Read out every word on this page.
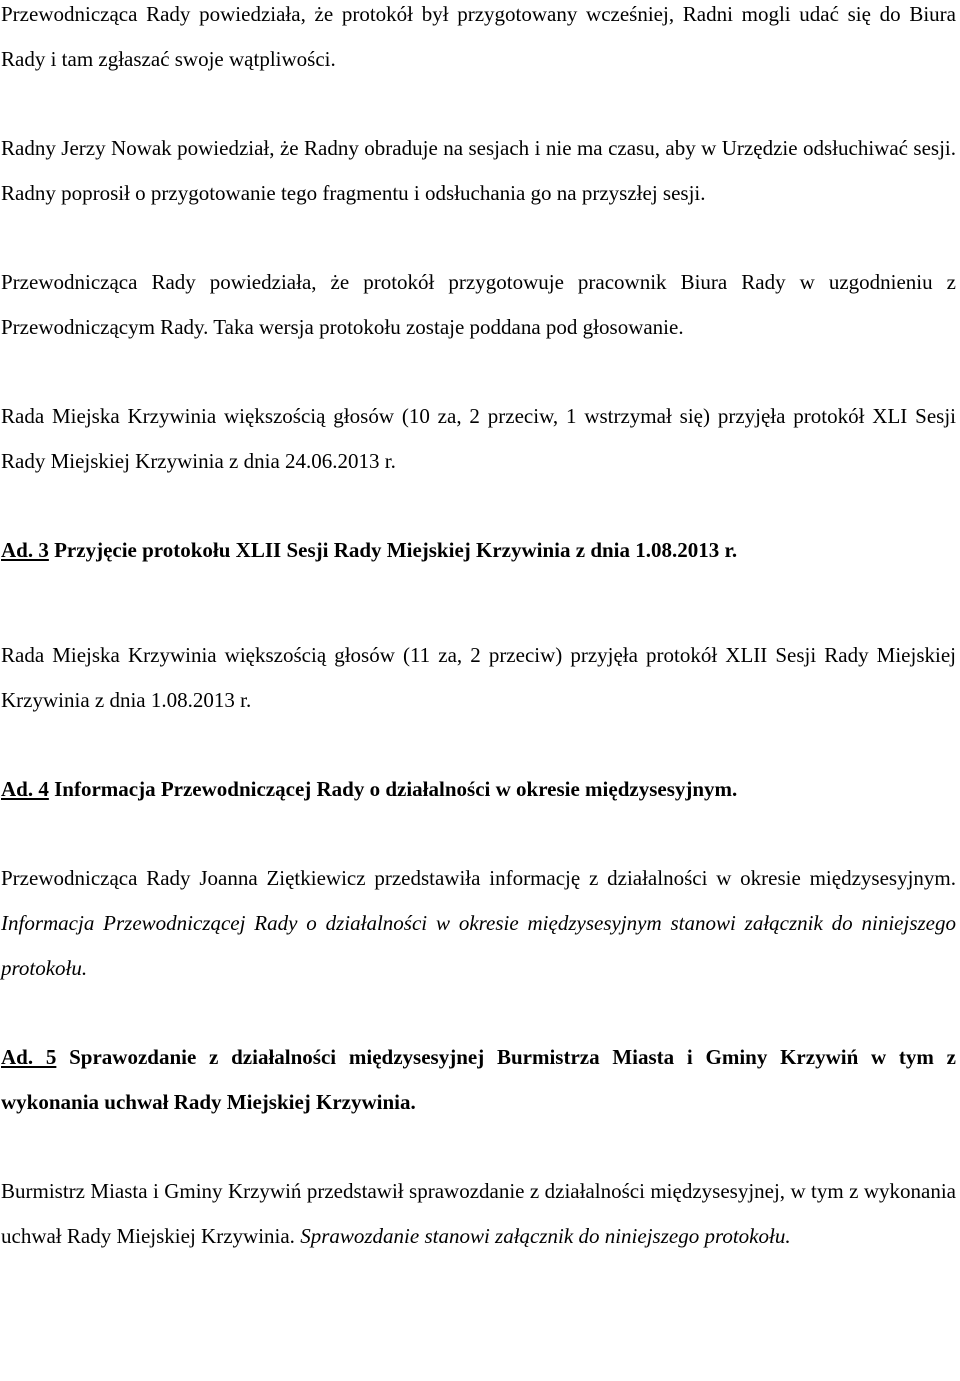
Przewodnicząca Rady powiedziała, że protokół był przygotowany wcześniej, Radni mogli udać się do Biura Rady i tam zgłaszać swoje wątpliwości.

Radny Jerzy Nowak powiedział, że Radny obraduje na sesjach i nie ma czasu, aby w Urzędzie odsłuchiwać sesji. Radny poprosił o przygotowanie tego fragmentu i odsłuchania go na przyszłej sesji.

Przewodnicząca Rady powiedziała, że protokół przygotowuje pracownik Biura Rady w uzgodnieniu z Przewodniczącym Rady. Taka wersja protokołu zostaje poddana pod głosowanie.

Rada Miejska Krzywinia większością głosów (10 za, 2 przeciw, 1 wstrzymał się) przyjęła protokół XLI Sesji Rady Miejskiej Krzywinia z dnia 24.06.2013 r.

Ad. 3 Przyjęcie protokołu XLII Sesji Rady Miejskiej Krzywinia z dnia 1.08.2013 r.

Rada Miejska Krzywinia większością głosów (11 za, 2 przeciw) przyjęła protokół XLII Sesji Rady Miejskiej Krzywinia z dnia 1.08.2013 r.

Ad. 4 Informacja Przewodniczącej Rady o działalności w okresie międzysesyjnym.

Przewodnicząca Rady Joanna Ziętkiewicz przedstawiła informację z działalności w okresie międzysesyjnym. Informacja Przewodniczącej Rady o działalności w okresie międzysesyjnym stanowi załącznik do niniejszego protokołu.

Ad. 5 Sprawozdanie z działalności międzysesyjnej Burmistrza Miasta i Gminy Krzywiń w tym z wykonania uchwał Rady Miejskiej Krzywinia.

Burmistrz Miasta i Gminy Krzywiń przedstawił sprawozdanie z działalności międzysesyjnej, w tym z wykonania uchwał Rady Miejskiej Krzywinia. Sprawozdanie stanowi załącznik do niniejszego protokołu.
